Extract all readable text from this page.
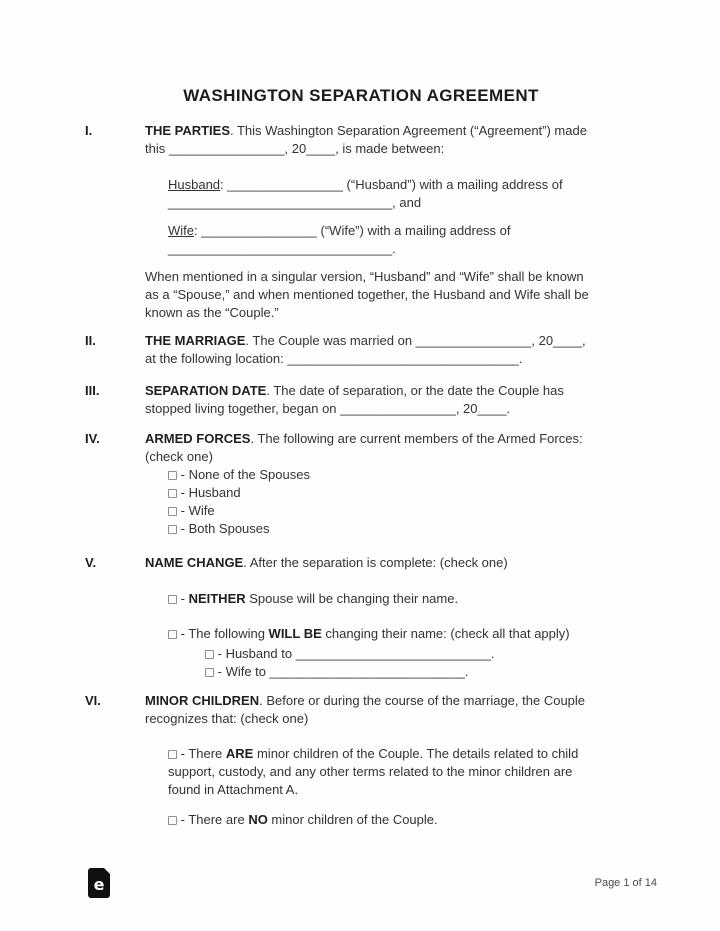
WASHINGTON SEPARATION AGREEMENT
I.	THE PARTIES. This Washington Separation Agreement (“Agreement”) made
this ________________, 20____, is made between:
Husband: ________________ (“Husband”) with a mailing address of
_______________________________, and
Wife: ________________ (“Wife”) with a mailing address of
_______________________________.
When mentioned in a singular version, “Husband” and “Wife” shall be known
as a “Spouse,” and when mentioned together, the Husband and Wife shall be
known as the “Couple.”
II.	THE MARRIAGE. The Couple was married on ________________, 20____,
at the following location: ________________________________.
III.	SEPARATION DATE. The date of separation, or the date the Couple has
stopped living together, began on ________________, 20____.
IV.	ARMED FORCES. The following are current members of the Armed Forces:
(check one)
- None of the Spouses
- Husband
- Wife
- Both Spouses
V.	NAME CHANGE. After the separation is complete: (check one)
- NEITHER Spouse will be changing their name.
- The following WILL BE changing their name: (check all that apply)
- Husband to ___________________________.
- Wife to ___________________________.
VI.	MINOR CHILDREN. Before or during the course of the marriage, the Couple
recognizes that: (check one)
- There ARE minor children of the Couple. The details related to child
support, custody, and any other terms related to the minor children are
found in Attachment A.
- There are NO minor children of the Couple.
e	Page 1 of 14
